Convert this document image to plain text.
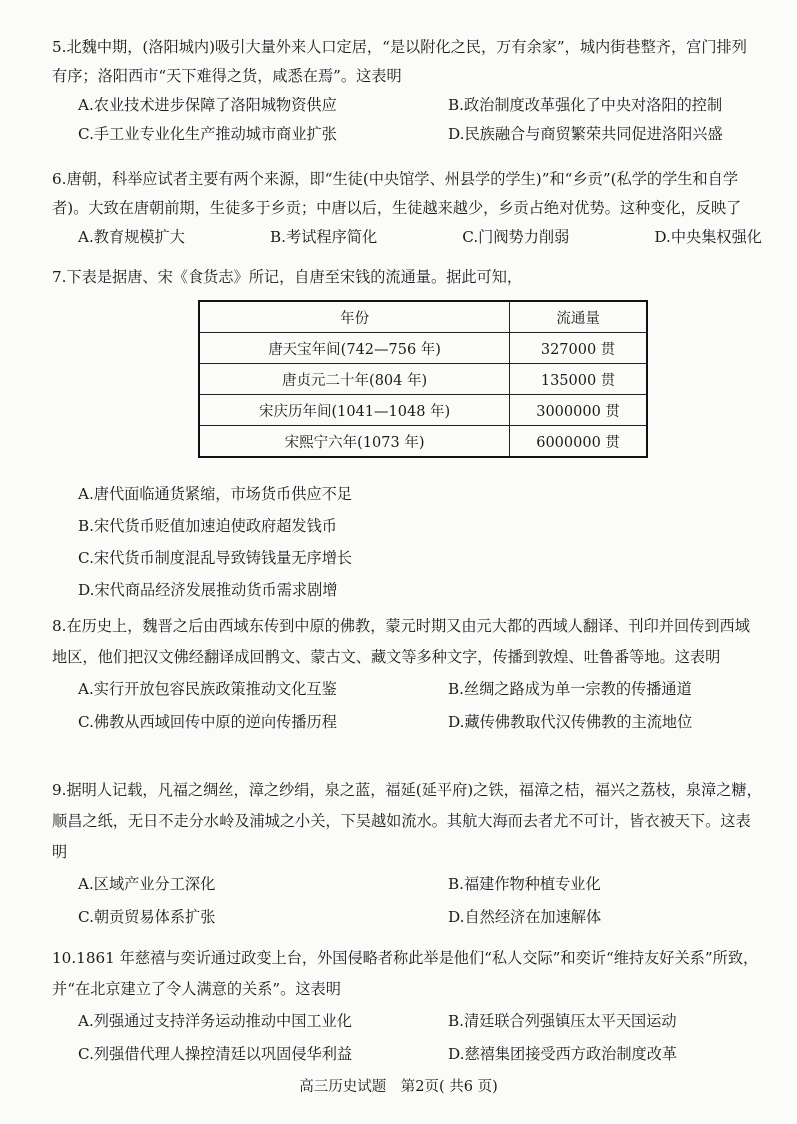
5.北魏中期，(洛阳城内)吸引大量外来人口定居，“是以附化之民，万有余家”，城内街巷整齐，宫门排列有序；洛阳西市“天下难得之货，咸悉在焉”。这表明

A.农业技术进步保障了洛阳城物资供应	B.政治制度改革强化了中央对洛阳的控制
C.手工业专业化生产推动城市商业扩张	D.民族融合与商贸繁荣共同促进洛阳兴盛

6.唐朝，科举应试者主要有两个来源，即“生徒(中央馆学、州县学的学生)”和“乡贡”(私学的学生和自学者)。大致在唐朝前期，生徒多于乡贡；中唐以后，生徒越来越少，乡贡占绝对优势。这种变化，反映了

A.教育规模扩大	B.考试程序简化	C.门阀势力削弱	D.中央集权强化

7.下表是据唐、宋《食货志》所记，自唐至宋钱的流通量。据此可知，

年份	流通量
唐天宝年间(742—756 年)	327000 贯
唐贞元二十年(804 年)	135000 贯
宋庆历年间(1041—1048 年)	3000000 贯
宋熙宁六年(1073 年)	6000000 贯
A.唐代面临通货紧缩，市场货币供应不足
B.宋代货币贬值加速迫使政府超发钱币
C.宋代货币制度混乱导致铸钱量无序增长
D.宋代商品经济发展推动货币需求剧增

8.在历史上，魏晋之后由西域东传到中原的佛教，蒙元时期又由元大都的西域人翻译、刊印并回传到西域地区，他们把汉文佛经翻译成回鹘文、蒙古文、藏文等多种文字，传播到敦煌、吐鲁番等地。这表明

A.实行开放包容民族政策推动文化互鉴	B.丝绸之路成为单一宗教的传播通道
C.佛教从西域回传中原的逆向传播历程	D.藏传佛教取代汉传佛教的主流地位

9.据明人记载，凡福之绸丝，漳之纱绢，泉之蓝，福延(延平府)之铁，福漳之桔，福兴之荔枝，泉漳之糖，顺昌之纸，无日不走分水岭及浦城之小关，下吴越如流水。其航大海而去者尤不可计，皆衣被天下。这表明

A.区域产业分工深化	B.福建作物种植专业化
C.朝贡贸易体系扩张	D.自然经济在加速解体

10.1861 年慈禧与奕䜣通过政变上台，外国侵略者称此举是他们“私人交际”和奕䜣“维持友好关系”所致，并“在北京建立了令人满意的关系”。这表明

A.列强通过支持洋务运动推动中国工业化	B.清廷联合列强镇压太平天国运动
C.列强借代理人操控清廷以巩固侵华利益	D.慈禧集团接受西方政治制度改革
高三历史试题　第2页( 共6 页)
